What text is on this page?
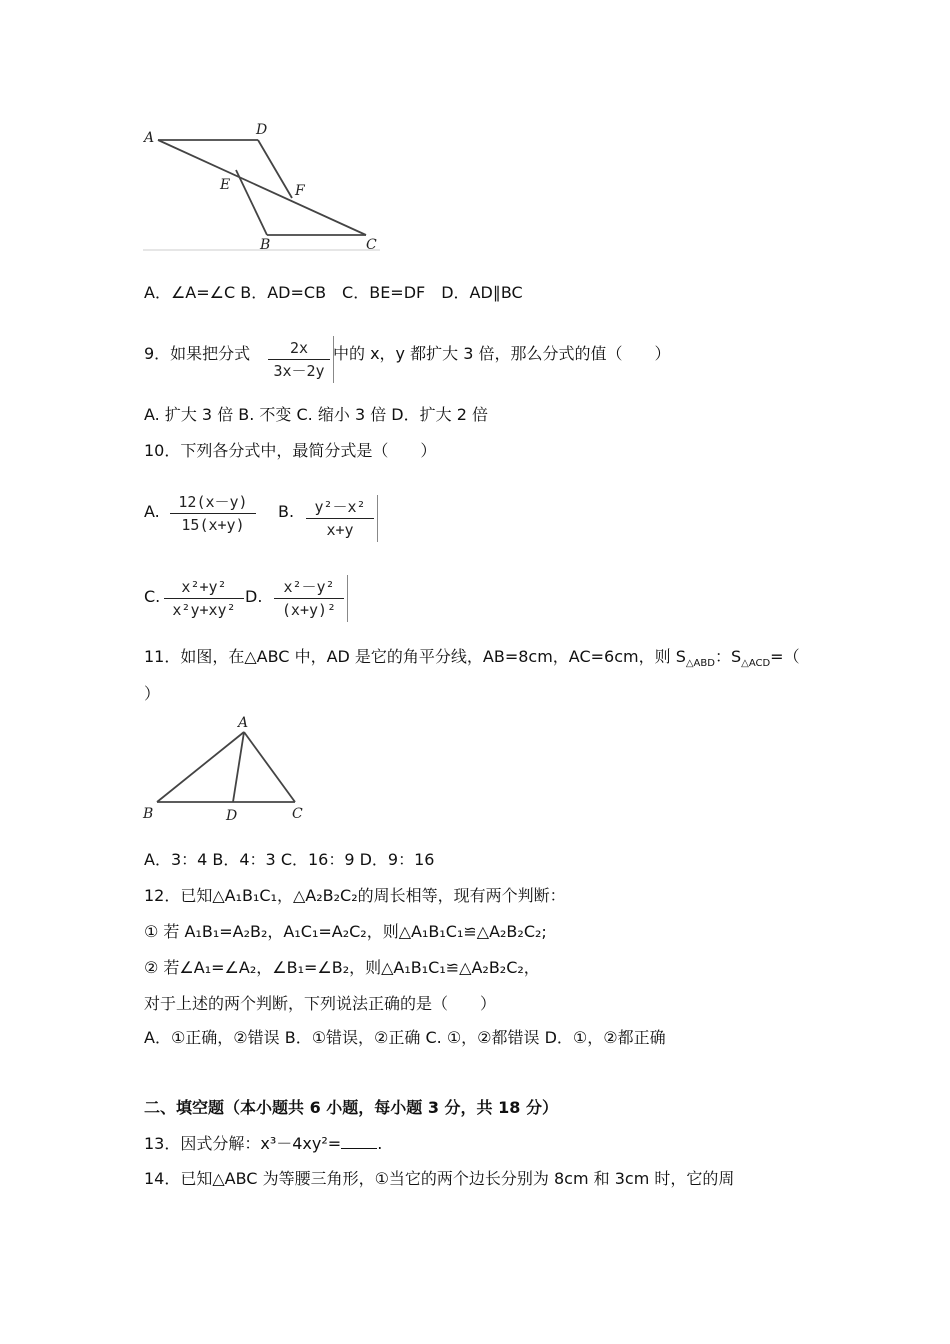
A	D
E	F
B	C
A．∠A=∠C B．AD=CB　C．BE=DF　D．AD∥BC
9．如果把分式	2x
3x－2y
中的 x，y 都扩大 3 倍，那么分式的值（　　）
A. 扩大 3 倍 B. 不变 C. 缩小 3 倍 D．扩大 2 倍
10．下列各分式中，最简分式是（　　）
A.	12(x－y)
15(x+y)
B.	y²－x²
x+y
C.	x²+y²
x²y+xy²
D.	x²－y²
(x+y)²
11．如图，在△ABC 中，AD 是它的角平分线，AB=8cm，AC=6cm，则 $S_{\triangle ABD}$：$S_{\triangle ACD}=$（
）
A
B	D	C
A．3：4 B．4：3 C．16：9 D．9：16
12．已知△A₁B₁C₁，△A₂B₂C₂的周长相等，现有两个判断：
① 若 A₁B₁=A₂B₂，A₁C₁=A₂C₂，则△A₁B₁C₁≌△A₂B₂C₂;
② 若∠A₁=∠A₂，∠B₁=∠B₂，则△A₁B₁C₁≌△A₂B₂C₂，
对于上述的两个判断，下列说法正确的是（　　）
A．①正确，②错误 B．①错误，②正确 C. ①，②都错误 D．①，②都正确
二、填空题（本小题共 6 小题，每小题 3 分，共 18 分）
13．因式分解：x³－4xy²= .
14．已知△ABC 为等腰三角形，①当它的两个边长分别为 8cm 和 3cm 时，它的周
